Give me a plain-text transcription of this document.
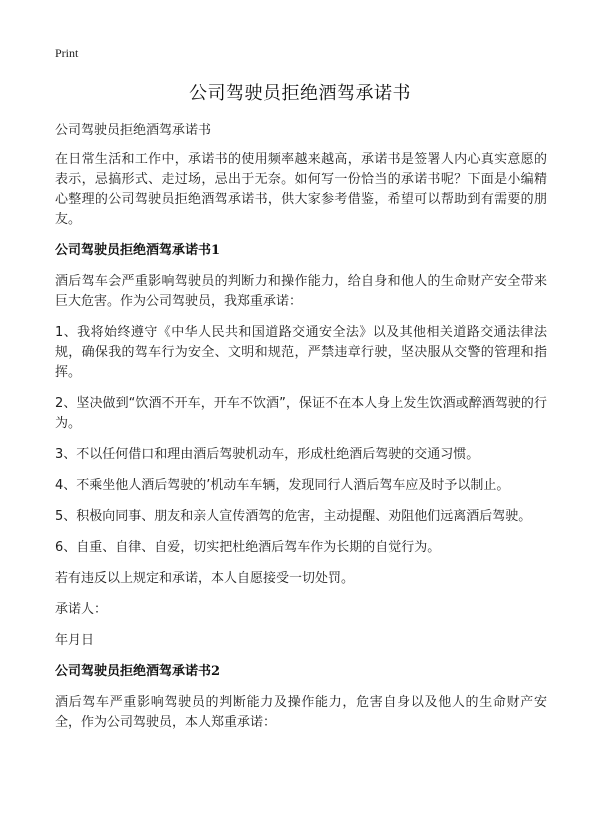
Print
公司驾驶员拒绝酒驾承诺书

公司驾驶员拒绝酒驾承诺书

在日常生活和工作中，承诺书的使用频率越来越高，承诺书是签署人内心真实意愿的表示，忌搞形式、走过场，忌出于无奈。如何写一份恰当的承诺书呢？下面是小编精心整理的公司驾驶员拒绝酒驾承诺书，供大家参考借鉴，希望可以帮助到有需要的朋友。

公司驾驶员拒绝酒驾承诺书1

酒后驾车会严重影响驾驶员的判断力和操作能力，给自身和他人的生命财产安全带来巨大危害。作为公司驾驶员，我郑重承诺：

1、我将始终遵守《中华人民共和国道路交通安全法》以及其他相关道路交通法律法规，确保我的驾车行为安全、文明和规范，严禁违章行驶，坚决服从交警的管理和指挥。

2、坚决做到“饮酒不开车，开车不饮酒”，保证不在本人身上发生饮酒或醉酒驾驶的行为。

3、不以任何借口和理由酒后驾驶机动车，形成杜绝酒后驾驶的交通习惯。

4、不乘坐他人酒后驾驶的’机动车车辆，发现同行人酒后驾车应及时予以制止。

5、积极向同事、朋友和亲人宣传酒驾的危害，主动提醒、劝阻他们远离酒后驾驶。

6、自重、自律、自爱，切实把杜绝酒后驾车作为长期的自觉行为。

若有违反以上规定和承诺，本人自愿接受一切处罚。

承诺人：

年月日

公司驾驶员拒绝酒驾承诺书2

酒后驾车严重影响驾驶员的判断能力及操作能力，危害自身以及他人的生命财产安全，作为公司驾驶员，本人郑重承诺：
